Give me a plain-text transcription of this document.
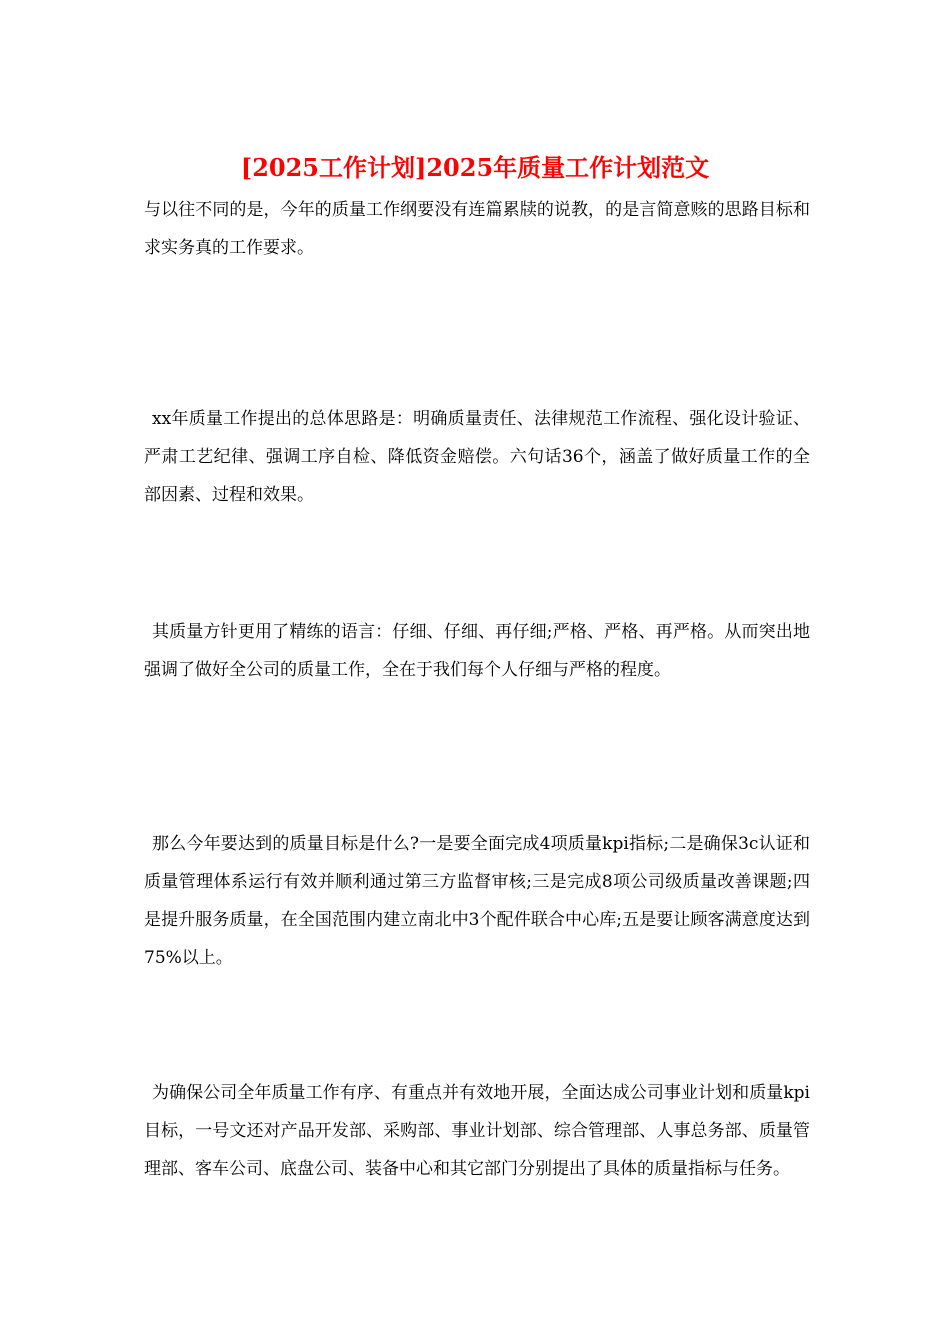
[2025工作计划]2025年质量工作计划范文

与以往不同的是，今年的质量工作纲要没有连篇累牍的说教，的是言简意赅的思路目标和求实务真的工作要求。

xx年质量工作提出的总体思路是：明确质量责任、法律规范工作流程、强化设计验证、严肃工艺纪律、强调工序自检、降低资金赔偿。六句话36个，涵盖了做好质量工作的全部因素、过程和效果。

其质量方针更用了精练的语言：仔细、仔细、再仔细;严格、严格、再严格。从而突出地强调了做好全公司的质量工作，全在于我们每个人仔细与严格的程度。

那么今年要达到的质量目标是什么?一是要全面完成4项质量kpi指标;二是确保3c认证和质量管理体系运行有效并顺利通过第三方监督审核;三是完成8项公司级质量改善课题;四是提升服务质量，在全国范围内建立南北中3个配件联合中心库;五是要让顾客满意度达到75%以上。

为确保公司全年质量工作有序、有重点并有效地开展，全面达成公司事业计划和质量kpi目标，一号文还对产品开发部、采购部、事业计划部、综合管理部、人事总务部、质量管理部、客车公司、底盘公司、装备中心和其它部门分别提出了具体的质量指标与任务。
